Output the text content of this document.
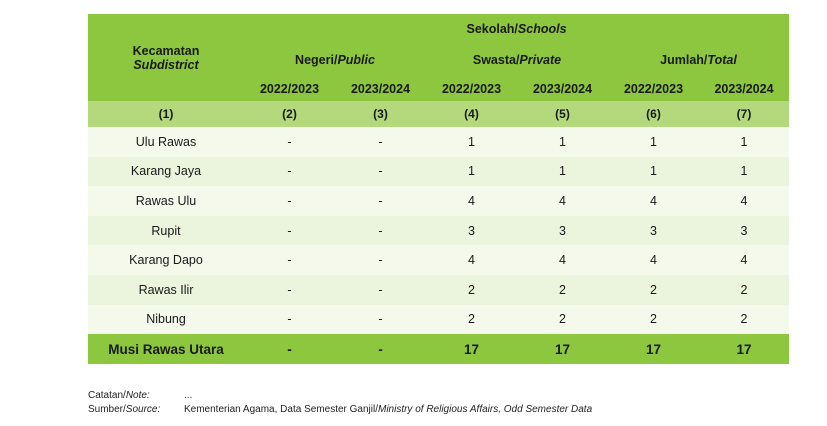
Kecamatan
Subdistrict	Sekolah/Schools					
	Negeri/Public		Swasta/Private		Jumlah/Total	
	2022/2023	2023/2024	2022/2023	2023/2024	2022/2023	2023/2024
(1)	(2)	(3)	(4)	(5)	(6)	(7)
Ulu Rawas	-	-	1	1	1	1
Karang Jaya	-	-	1	1	1	1
Rawas Ulu	-	-	4	4	4	4
Rupit	-	-	3	3	3	3
Karang Dapo	-	-	4	4	4	4
Rawas Ilir	-	-	2	2	2	2
Nibung	-	-	2	2	2	2
Musi Rawas Utara	-	-	17	17	17	17
Catatan/Note:	...
Sumber/Source:	Kementerian Agama, Data Semester Ganjil/Ministry of Religious Affairs, Odd Semester Data
